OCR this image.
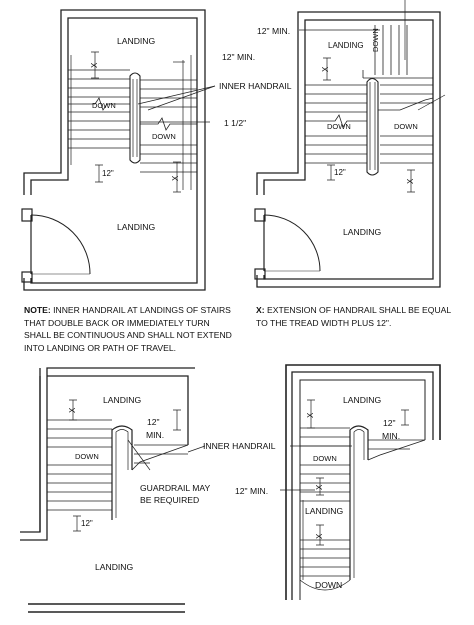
LANDING
LANDING
DOWN
DOWN
X
X
12"
12" MIN.
INNER HANDRAIL
1 1/2"
12" MIN.
LANDING DOWN
DOWN	DOWN
X
X
12"
LANDING
LANDING
DOWN
X
12"
12"
MIN.
GUARDRAIL MAY
BE REQUIRED
LANDING
LANDING
INNER HANDRAIL
DOWN
12" MIN.
LANDING
DOWN
12"
MIN.
X
X
X
NOTE: INNER HANDRAIL AT LANDINGS OF STAIRS THAT DOUBLE BACK OR IMMEDIATELY TURN SHALL BE CONTINUOUS AND SHALL NOT EXTEND INTO LANDING OR PATH OF TRAVEL.
X: EXTENSION OF HANDRAIL SHALL BE EQUAL TO THE TREAD WIDTH PLUS 12".
